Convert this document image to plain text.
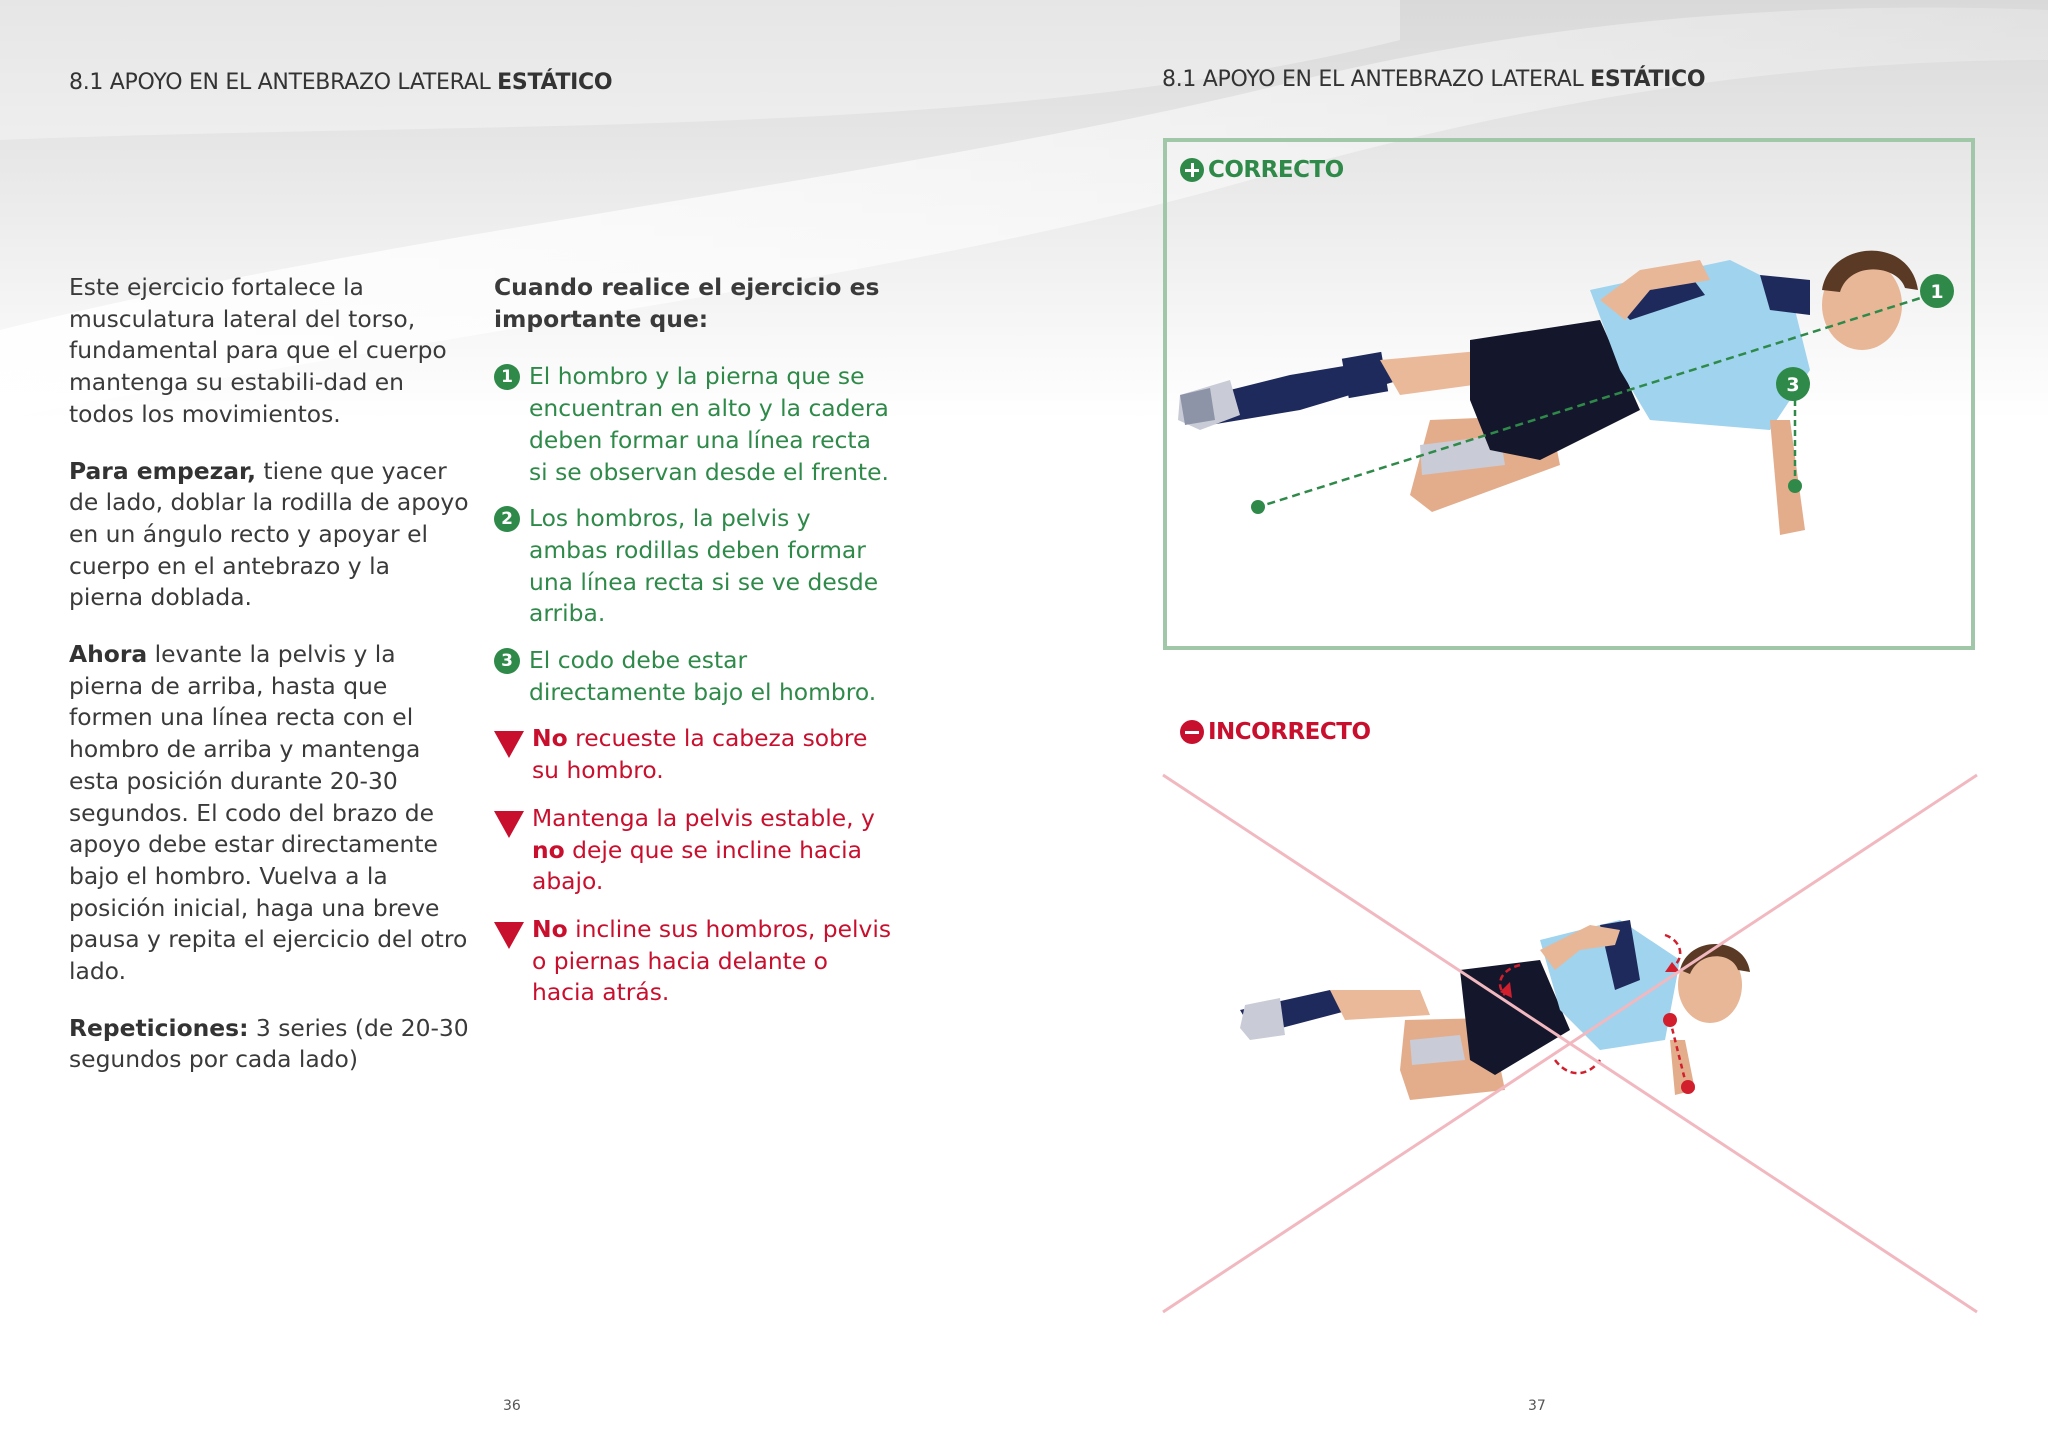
8.1 APOYO EN EL ANTEBRAZO LATERAL ESTÁTICO

Este ejercicio fortalece la musculatura lateral del torso, fundamental para que el cuerpo mantenga su estabili-dad en todos los movimientos.

Para empezar, tiene que yacer de lado, doblar la rodilla de apoyo en un ángulo recto y apoyar el cuerpo en el antebrazo y la pierna doblada.

Ahora levante la pelvis y la pierna de arriba, hasta que formen una línea recta con el hombro de arriba y mantenga esta posición durante 20-30 segundos. El codo del brazo de apoyo debe estar directamente bajo el hombro. Vuelva a la posición inicial, haga una breve pausa y repita el ejercicio del otro lado.

Repeticiones: 3 series (de 20-30 segundos por cada lado)

Cuando realice el ejercicio es importante que:
1 El hombro y la pierna que se encuentran en alto y la cadera deben formar una línea recta si se observan desde el frente.
2 Los hombros, la pelvis y ambas rodillas deben formar una línea recta si se ve desde arriba.
3 El codo debe estar directamente bajo el hombro.
No recueste la cabeza sobre su hombro.
Mantenga la pelvis estable, y no deje que se incline hacia abajo.
No incline sus hombros, pelvis o piernas hacia delante o hacia atrás.
36
8.1 APOYO EN EL ANTEBRAZO LATERAL ESTÁTICO
CORRECTO
1
3
INCORRECTO
37
